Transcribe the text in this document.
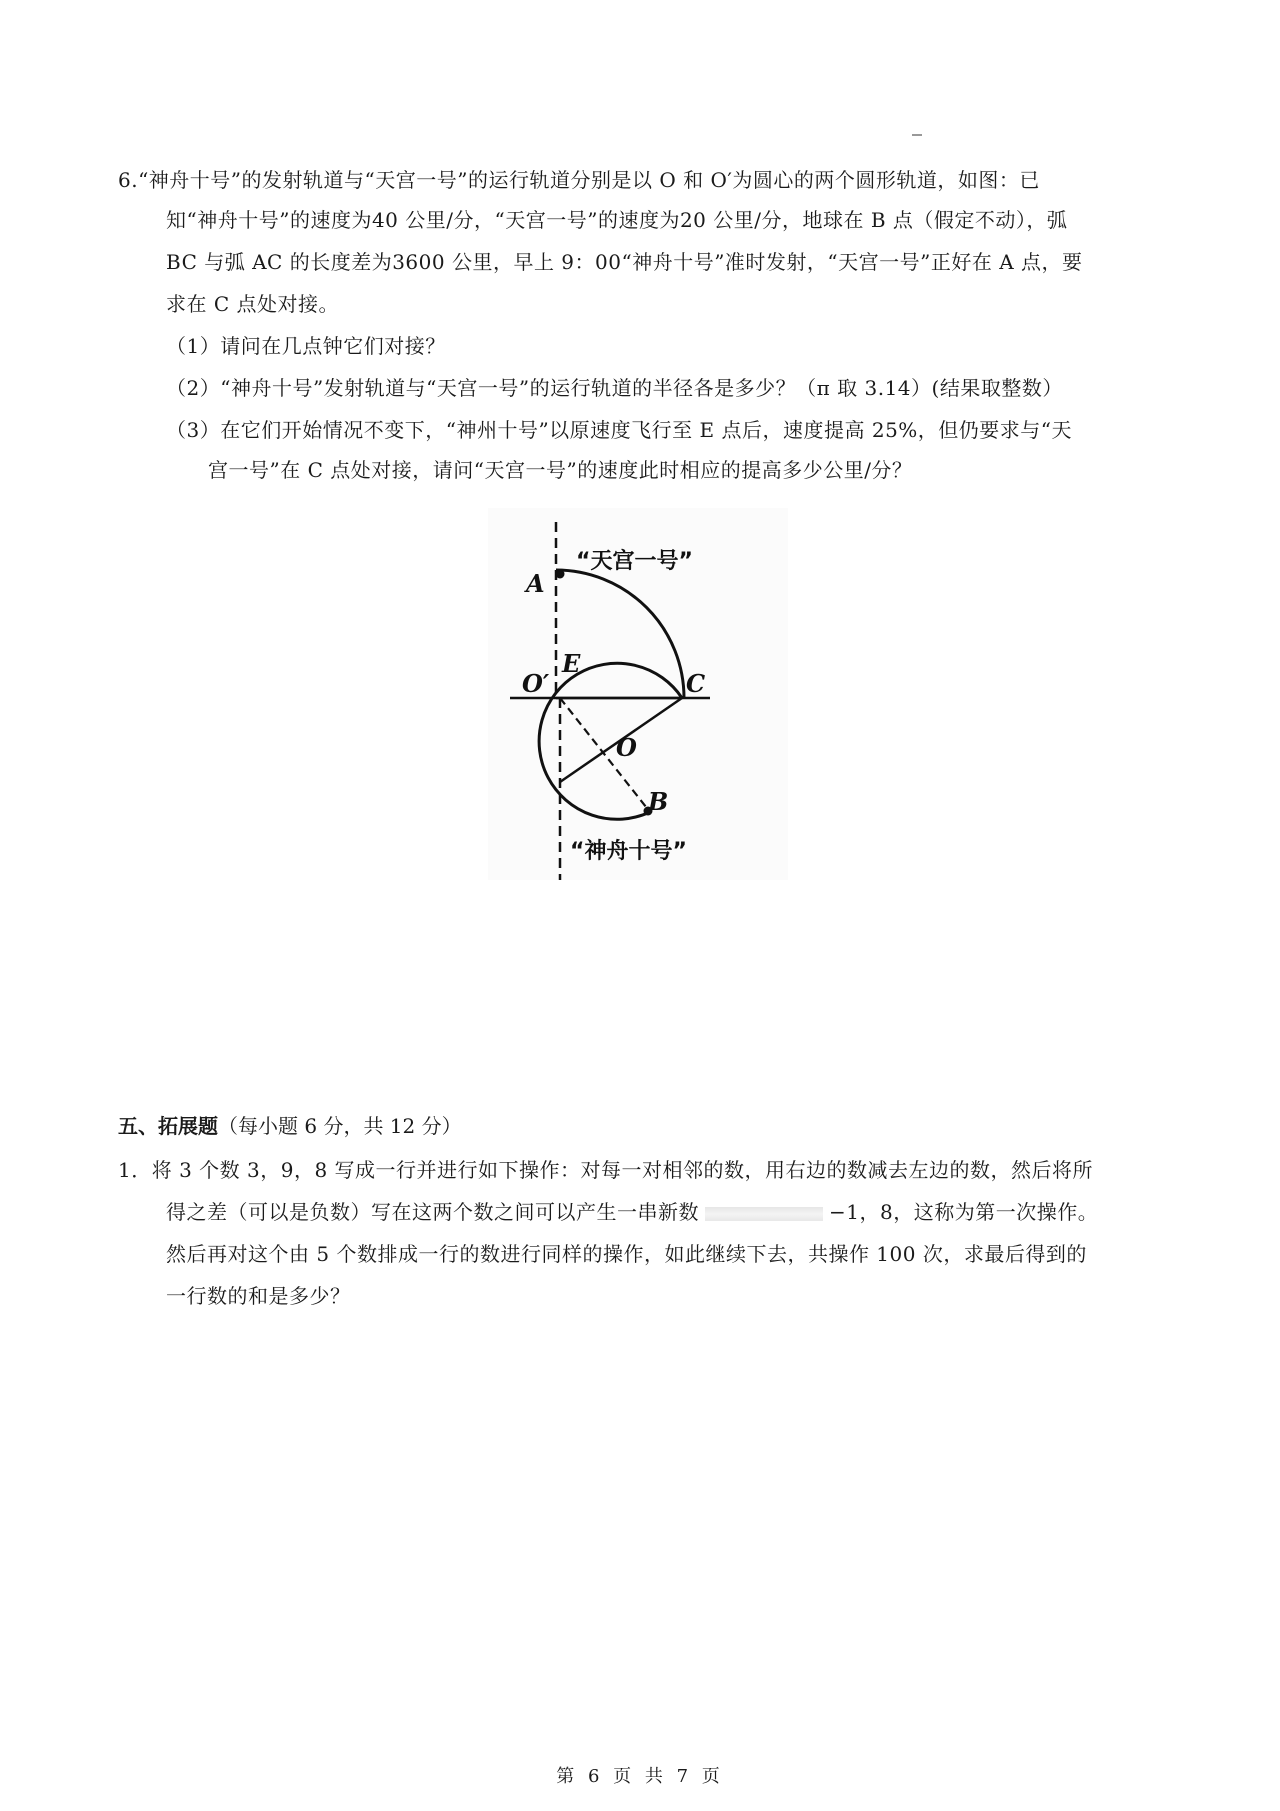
6.“神舟十号”的发射轨道与“天宫一号”的运行轨道分别是以 O 和 O′为圆心的两个圆形轨道，如图：已
知“神舟十号”的速度为40 公里/分，“天宫一号”的速度为20 公里/分，地球在 B 点（假定不动），弧
BC 与弧 AC 的长度差为3600 公里，早上 9：00“神舟十号”准时发射，“天宫一号”正好在 A 点，要
求在 C 点处对接。
（1）请问在几点钟它们对接？
（2）“神舟十号”发射轨道与“天宫一号”的运行轨道的半径各是多少？（π 取 3.14）(结果取整数）
（3）在它们开始情况不变下，“神州十号”以原速度飞行至 E 点后，速度提高 25%，但仍要求与“天
宫一号”在 C 点处对接，请问“天宫一号”的速度此时相应的提高多少公里/分？
A
C
O′
E
O
B
“天宫一号”
“神舟十号”
五、拓展题（每小题 6 分，共 12 分）
1．将 3 个数 3，9，8 写成一行并进行如下操作：对每一对相邻的数，用右边的数减去左边的数，然后将所
得之差（可以是负数）写在这两个数之间可以产生一串新数	−1，8，这称为第一次操作。
然后再对这个由 5 个数排成一行的数进行同样的操作，如此继续下去，共操作 100 次，求最后得到的
一行数的和是多少？
第 6 页 共 7 页
